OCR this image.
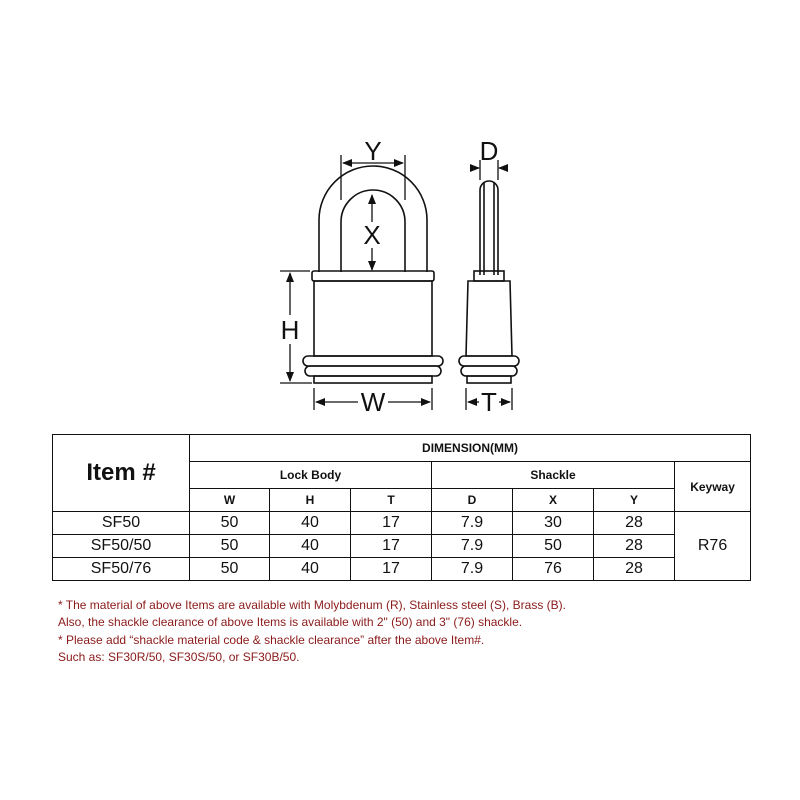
Y
X
H
W
D
T
Item #	DIMENSION(MM)						
	Lock Body			Shackle			Keyway
	W	H	T	D	X	Y	
SF50	50	40	17	7.9	30	28	R76
SF50/50	50	40	17	7.9	50	28	
SF50/76	50	40	17	7.9	76	28	
* The material of above Items are available with Molybdenum (R), Stainless steel (S), Brass (B).
Also, the shackle clearance of above Items is available with 2" (50) and 3" (76) shackle.
* Please add “shackle material code & shackle clearance” after the above Item#.
Such as: SF30R/50, SF30S/50, or SF30B/50.
